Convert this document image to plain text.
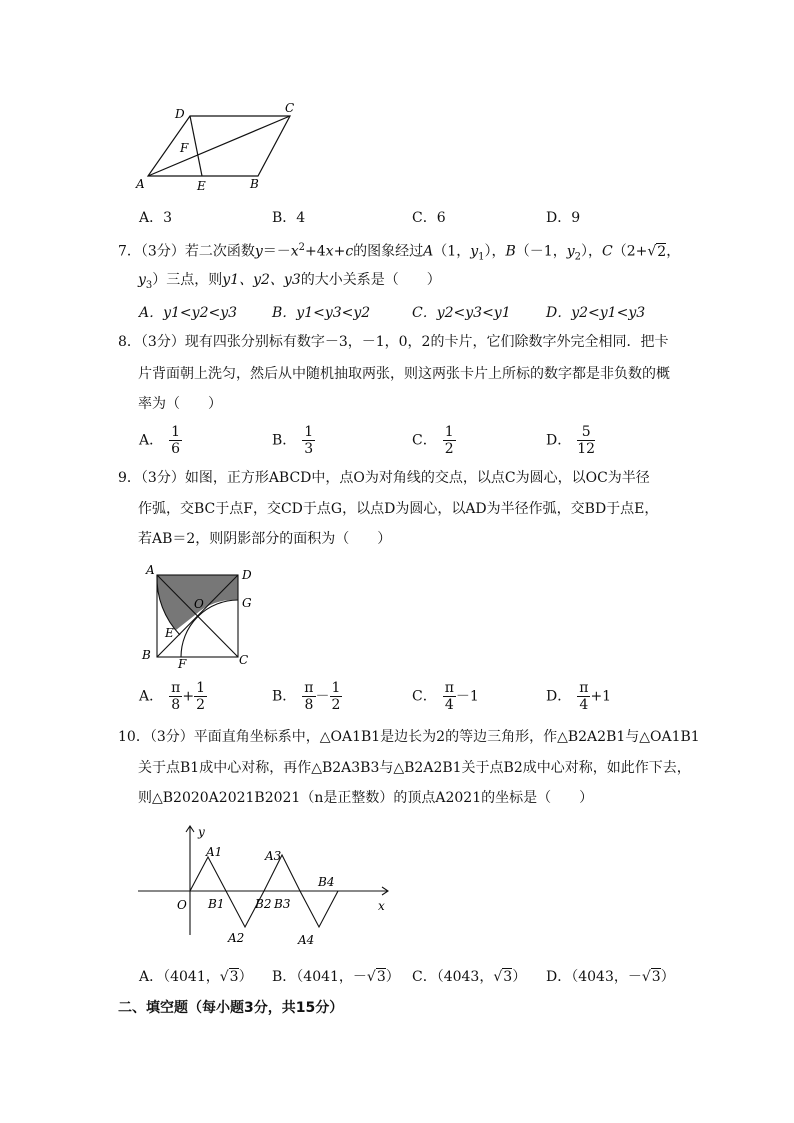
D	C
F
A	E	B
A．3	B．4	C．6	D．9
7．（3分）若二次函数$y=-x^2+4x+c$的图象经过A（1，$y_1$），B（－1，$y_2$），C（2+√2，
$y_3$）三点，则y1、y2、y3的大小关系是（　　）
A．y1<y2<y3 B．y1<y3<y2	C．y2<y3<y1	D．y2<y1<y3
8．（3分）现有四张分别标有数字－3，－1，0，2的卡片，它们除数字外完全相同．把卡
片背面朝上洗匀，然后从中随机抽取两张，则这两张卡片上所标的数字都是非负数的概
率为（　　）
A． $\frac{1}{6}$	B． $\frac{1}{3}$	C． $\frac{1}{2}$	D． $\frac{5}{12}$
9．（3分）如图，正方形ABCD中，点O为对角线的交点，以点C为圆心，以OC为半径
作弧，交BC于点F，交CD于点G，以点D为圆心，以AD为半径作弧，交BD于点E，
若AB＝2，则阴影部分的面积为（　　）
A	D
O	G
E
B
F	C
A． $\frac{\pi}{8} + \frac{1}{2}$	B． $\frac{\pi}{8} - \frac{1}{2}$	C． $\frac{\pi}{4} -1$	D． $\frac{\pi}{4} +1$
10．（3分）平面直角坐标系中，△OA1B1是边长为2的等边三角形，作△B2A2B1与△OA1B1
关于点B1成中心对称，再作△B2A3B3与△B2A2B1关于点B2成中心对称，如此作下去，
则△B2020A2021B2021（n是正整数）的顶点A2021的坐标是（　　）
y
x
O
A1
B1
A2
B2
A3
B3
A4
B4
A．（4041，√3） B．（4041，－√3） C．（4043，√3） D．（4043，－√3）
二、填空题（每小题3分，共15分）
